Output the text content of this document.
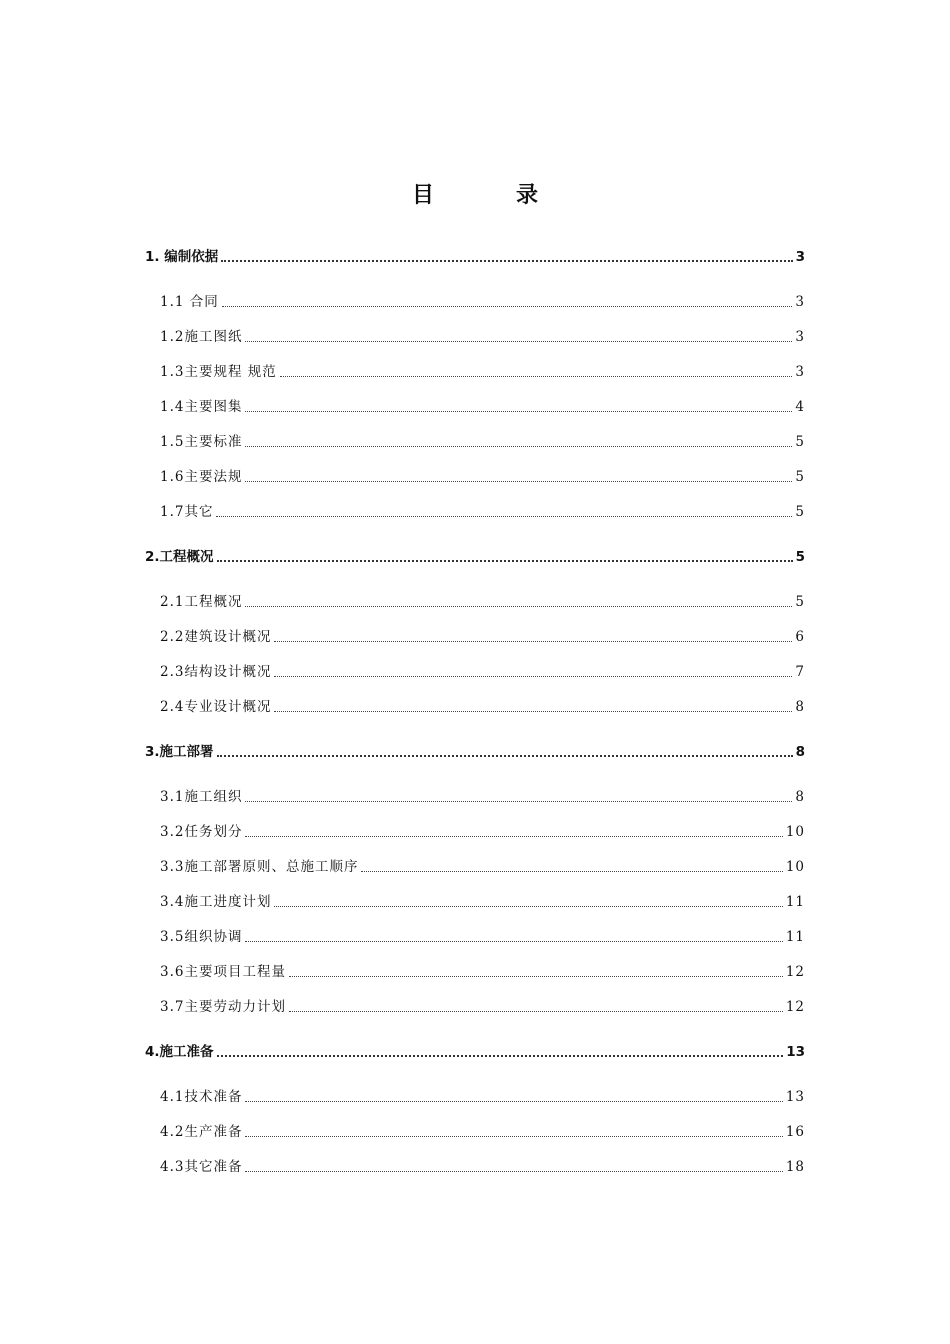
目　录
1. 编制依据	3
1.1 合同	3
1.2施工图纸	3
1.3主要规程 规范	3
1.4主要图集	4
1.5主要标准	5
1.6主要法规	5
1.7其它	5
2.工程概况	5
2.1工程概况	5
2.2建筑设计概况	6
2.3结构设计概况	7
2.4专业设计概况	8
3.施工部署	8
3.1施工组织	8
3.2任务划分	10
3.3施工部署原则、总施工顺序	10
3.4施工进度计划	11
3.5组织协调	11
3.6主要项目工程量	12
3.7主要劳动力计划	12
4.施工准备	13
4.1技术准备	13
4.2生产准备	16
4.3其它准备	18
